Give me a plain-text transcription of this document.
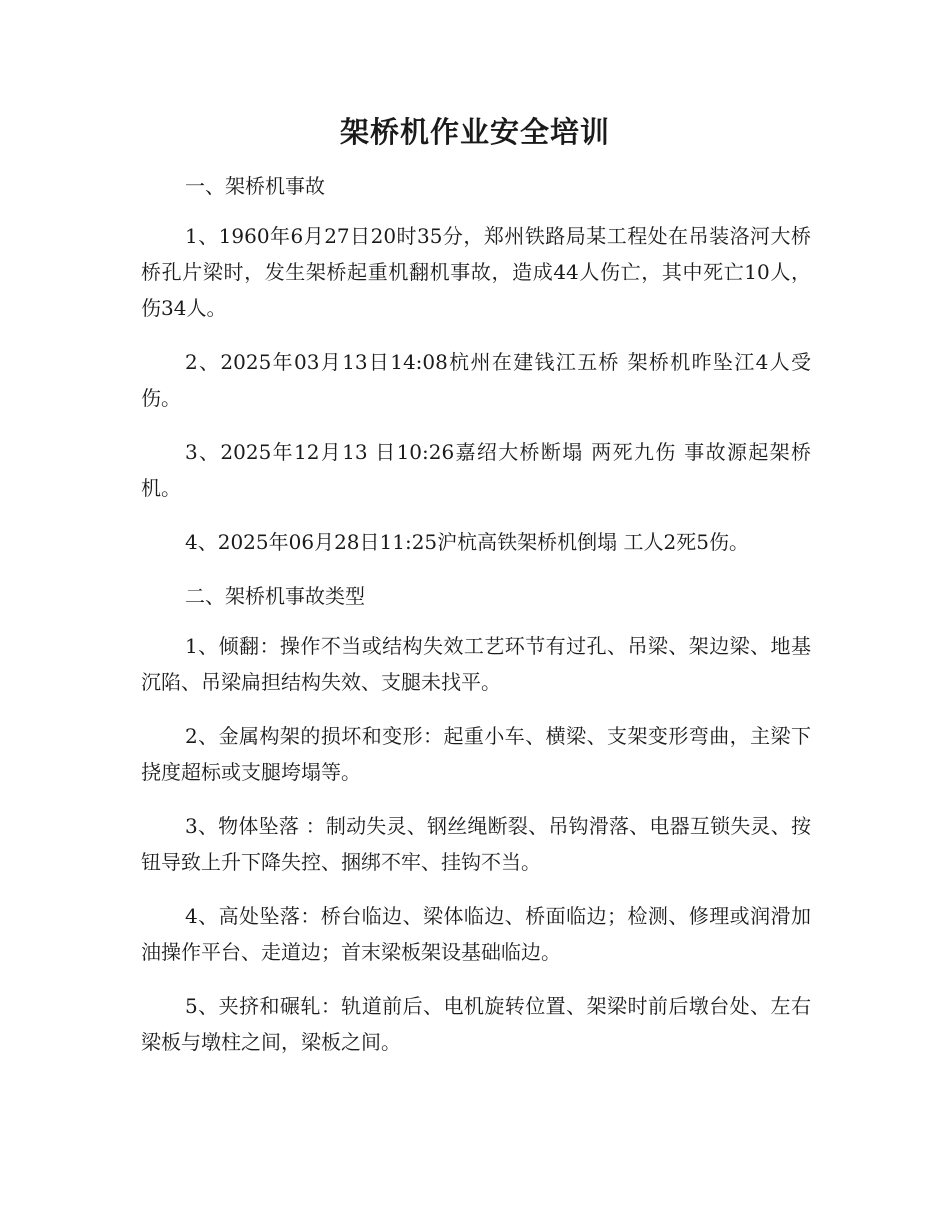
架桥机作业安全培训

一、架桥机事故

1、1960年6月27日20时35分，郑州铁路局某工程处在吊装洛河大桥桥孔片梁时，发生架桥起重机翻机事故，造成44人伤亡，其中死亡10人，伤34人。

2、2025年03月13日14:08杭州在建钱江五桥 架桥机昨坠江4人受伤。

3、2025年12月13 日10:26嘉绍大桥断塌 两死九伤 事故源起架桥机。

4、2025年06月28日11:25沪杭高铁架桥机倒塌 工人2死5伤。

二、架桥机事故类型

1、倾翻：操作不当或结构失效工艺环节有过孔、吊梁、架边梁、地基沉陷、吊梁扁担结构失效、支腿未找平。

2、金属构架的损坏和变形：起重小车、横梁、支架变形弯曲，主梁下挠度超标或支腿垮塌等。

3、物体坠落 ：制动失灵、钢丝绳断裂、吊钩滑落、电器互锁失灵、按钮导致上升下降失控、捆绑不牢、挂钩不当。

4、高处坠落：桥台临边、梁体临边、桥面临边；检测、修理或润滑加油操作平台、走道边；首末梁板架设基础临边。

5、夹挤和碾轧：轨道前后、电机旋转位置、架梁时前后墩台处、左右梁板与墩柱之间，梁板之间。
